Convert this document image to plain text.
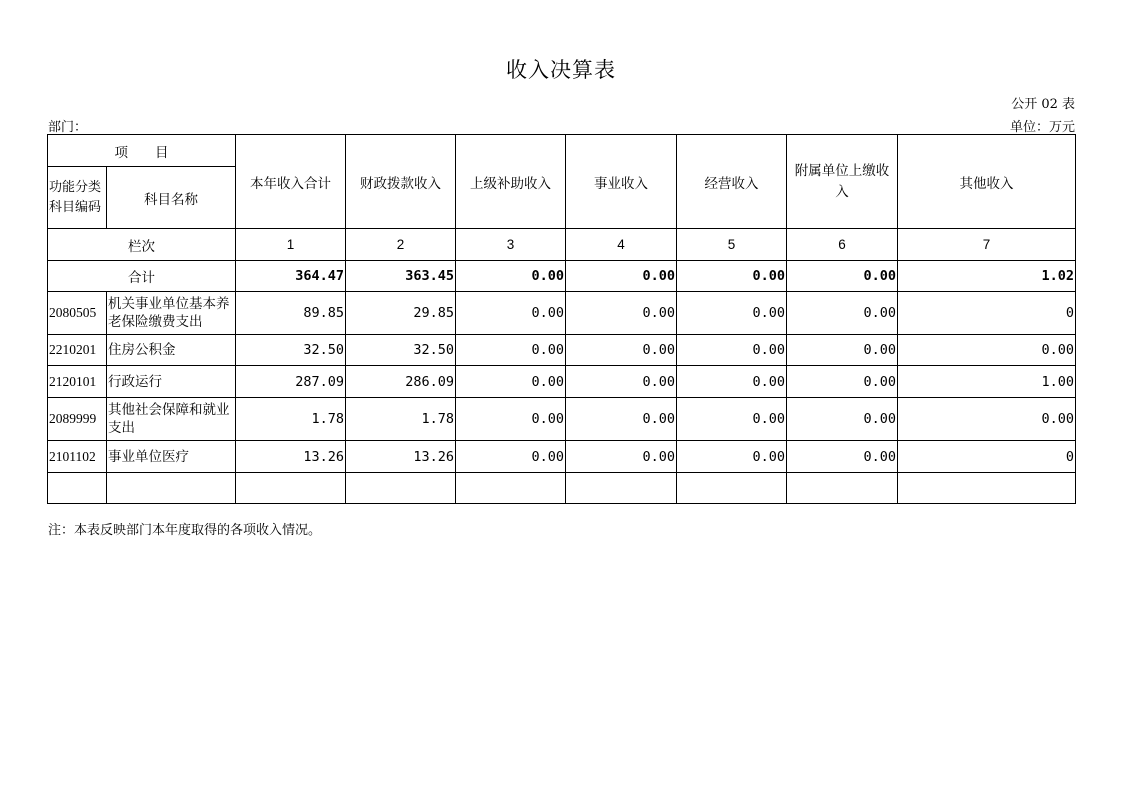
收入决算表
公开 02 表
部门：	单位：万元
项　　目		本年收入合计	财政拨款收入	上级补助收入	事业收入	经营收入	附属单位上缴收入	其他收入
功能分类科目编码	科目名称							
栏次		1	2	3	4	5	6	7
合计		364.47	363.45	0.00	0.00	0.00	0.00	1.02
2080505	机关事业单位基本养老保险缴费支出	89.85	29.85	0.00	0.00	0.00	0.00	0
2210201	住房公积金	32.50	32.50	0.00	0.00	0.00	0.00	0.00
2120101	行政运行	287.09	286.09	0.00	0.00	0.00	0.00	1.00
2089999	其他社会保障和就业支出	1.78	1.78	0.00	0.00	0.00	0.00	0.00
2101102	事业单位医疗	13.26	13.26	0.00	0.00	0.00	0.00	0

注：本表反映部门本年度取得的各项收入情况。
